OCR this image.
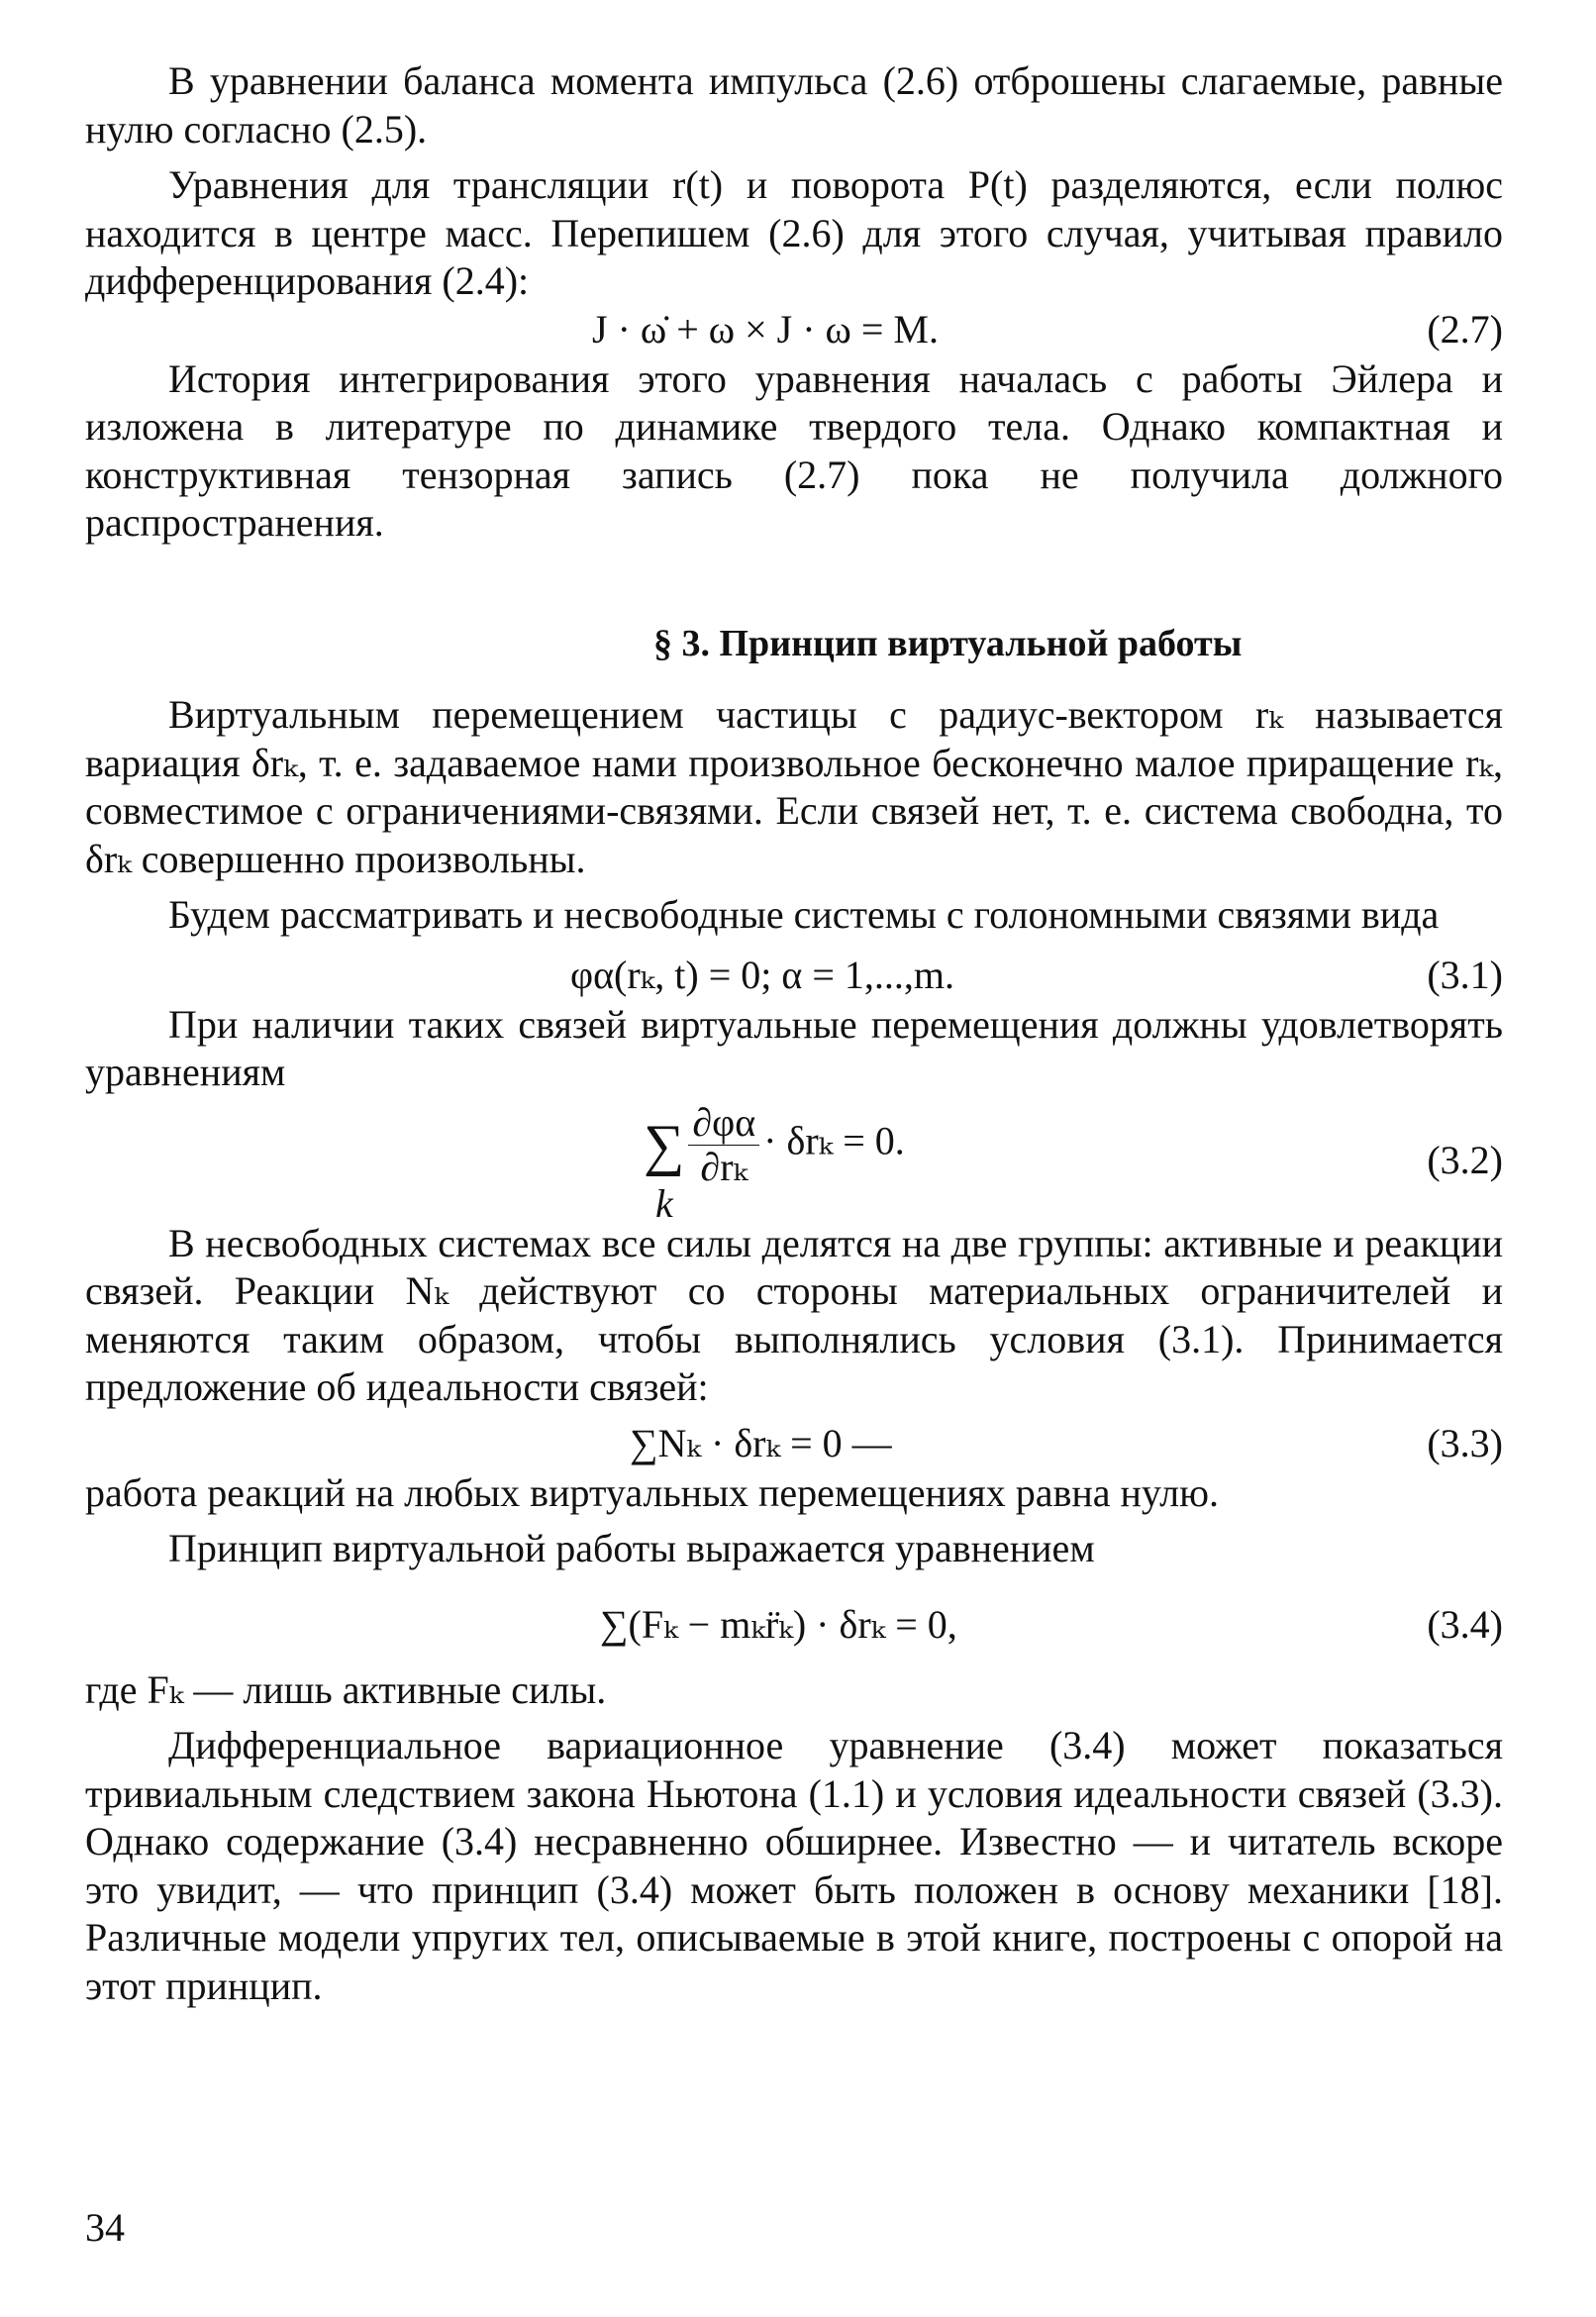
В уравнении баланса момента импульса (2.6) отброшены слагаемые, равные нулю согласно (2.5).

Уравнения для трансляции r(t) и поворота P(t) разделяются, если полюс находится в центре масс. Перепишем (2.6) для этого случая, учитывая правило дифференцирования (2.4):

J · ω̇ + ω × J · ω = M.	(2.7)

История интегрирования этого уравнения началась с работы Эйлера и изложена в литературе по динамике твердого тела. Однако компактная и конструктивная тензорная запись (2.7) пока не получила должного распространения.

§ 3. Принцип виртуальной работы

Виртуальным перемещением частицы с радиус-вектором rₖ называется вариация δrₖ, т. е. задаваемое нами произвольное бесконечно малое приращение rₖ, совместимое с ограничениями-связями. Если связей нет, т. е. система свободна, то δrₖ совершенно произвольны.

Будем рассматривать и несвободные системы с голономными связями вида

φα(rₖ, t) = 0; α = 1,...,m.	(3.1)

При наличии таких связей виртуальные перемещения должны удовлетворять уравнениям

∑ $\frac{\partial\varphi\alpha}{\text{∂rₖ}} \cdot \delta r_k = 0$.
k
(3.2)

В несвободных системах все силы делятся на две группы: активные и реакции связей. Реакции Nₖ действуют со стороны материальных ограничителей и меняются таким образом, чтобы выполнялись условия (3.1). Принимается предложение об идеальности связей:

∑Nₖ · δrₖ = 0 —	(3.3)

работа реакций на любых виртуальных перемещениях равна нулю.

Принцип виртуальной работы выражается уравнением

∑(Fₖ − mₖr̈ₖ) · δrₖ = 0,	(3.4)

где Fₖ — лишь активные силы.

Дифференциальное вариационное уравнение (3.4) может показаться тривиальным следствием закона Ньютона (1.1) и условия идеальности связей (3.3). Однако содержание (3.4) несравненно обширнее. Известно — и читатель вскоре это увидит, — что принцип (3.4) может быть положен в основу механики [18]. Различные модели упругих тел, описываемые в этой книге, построены с опорой на этот принцип.

34
